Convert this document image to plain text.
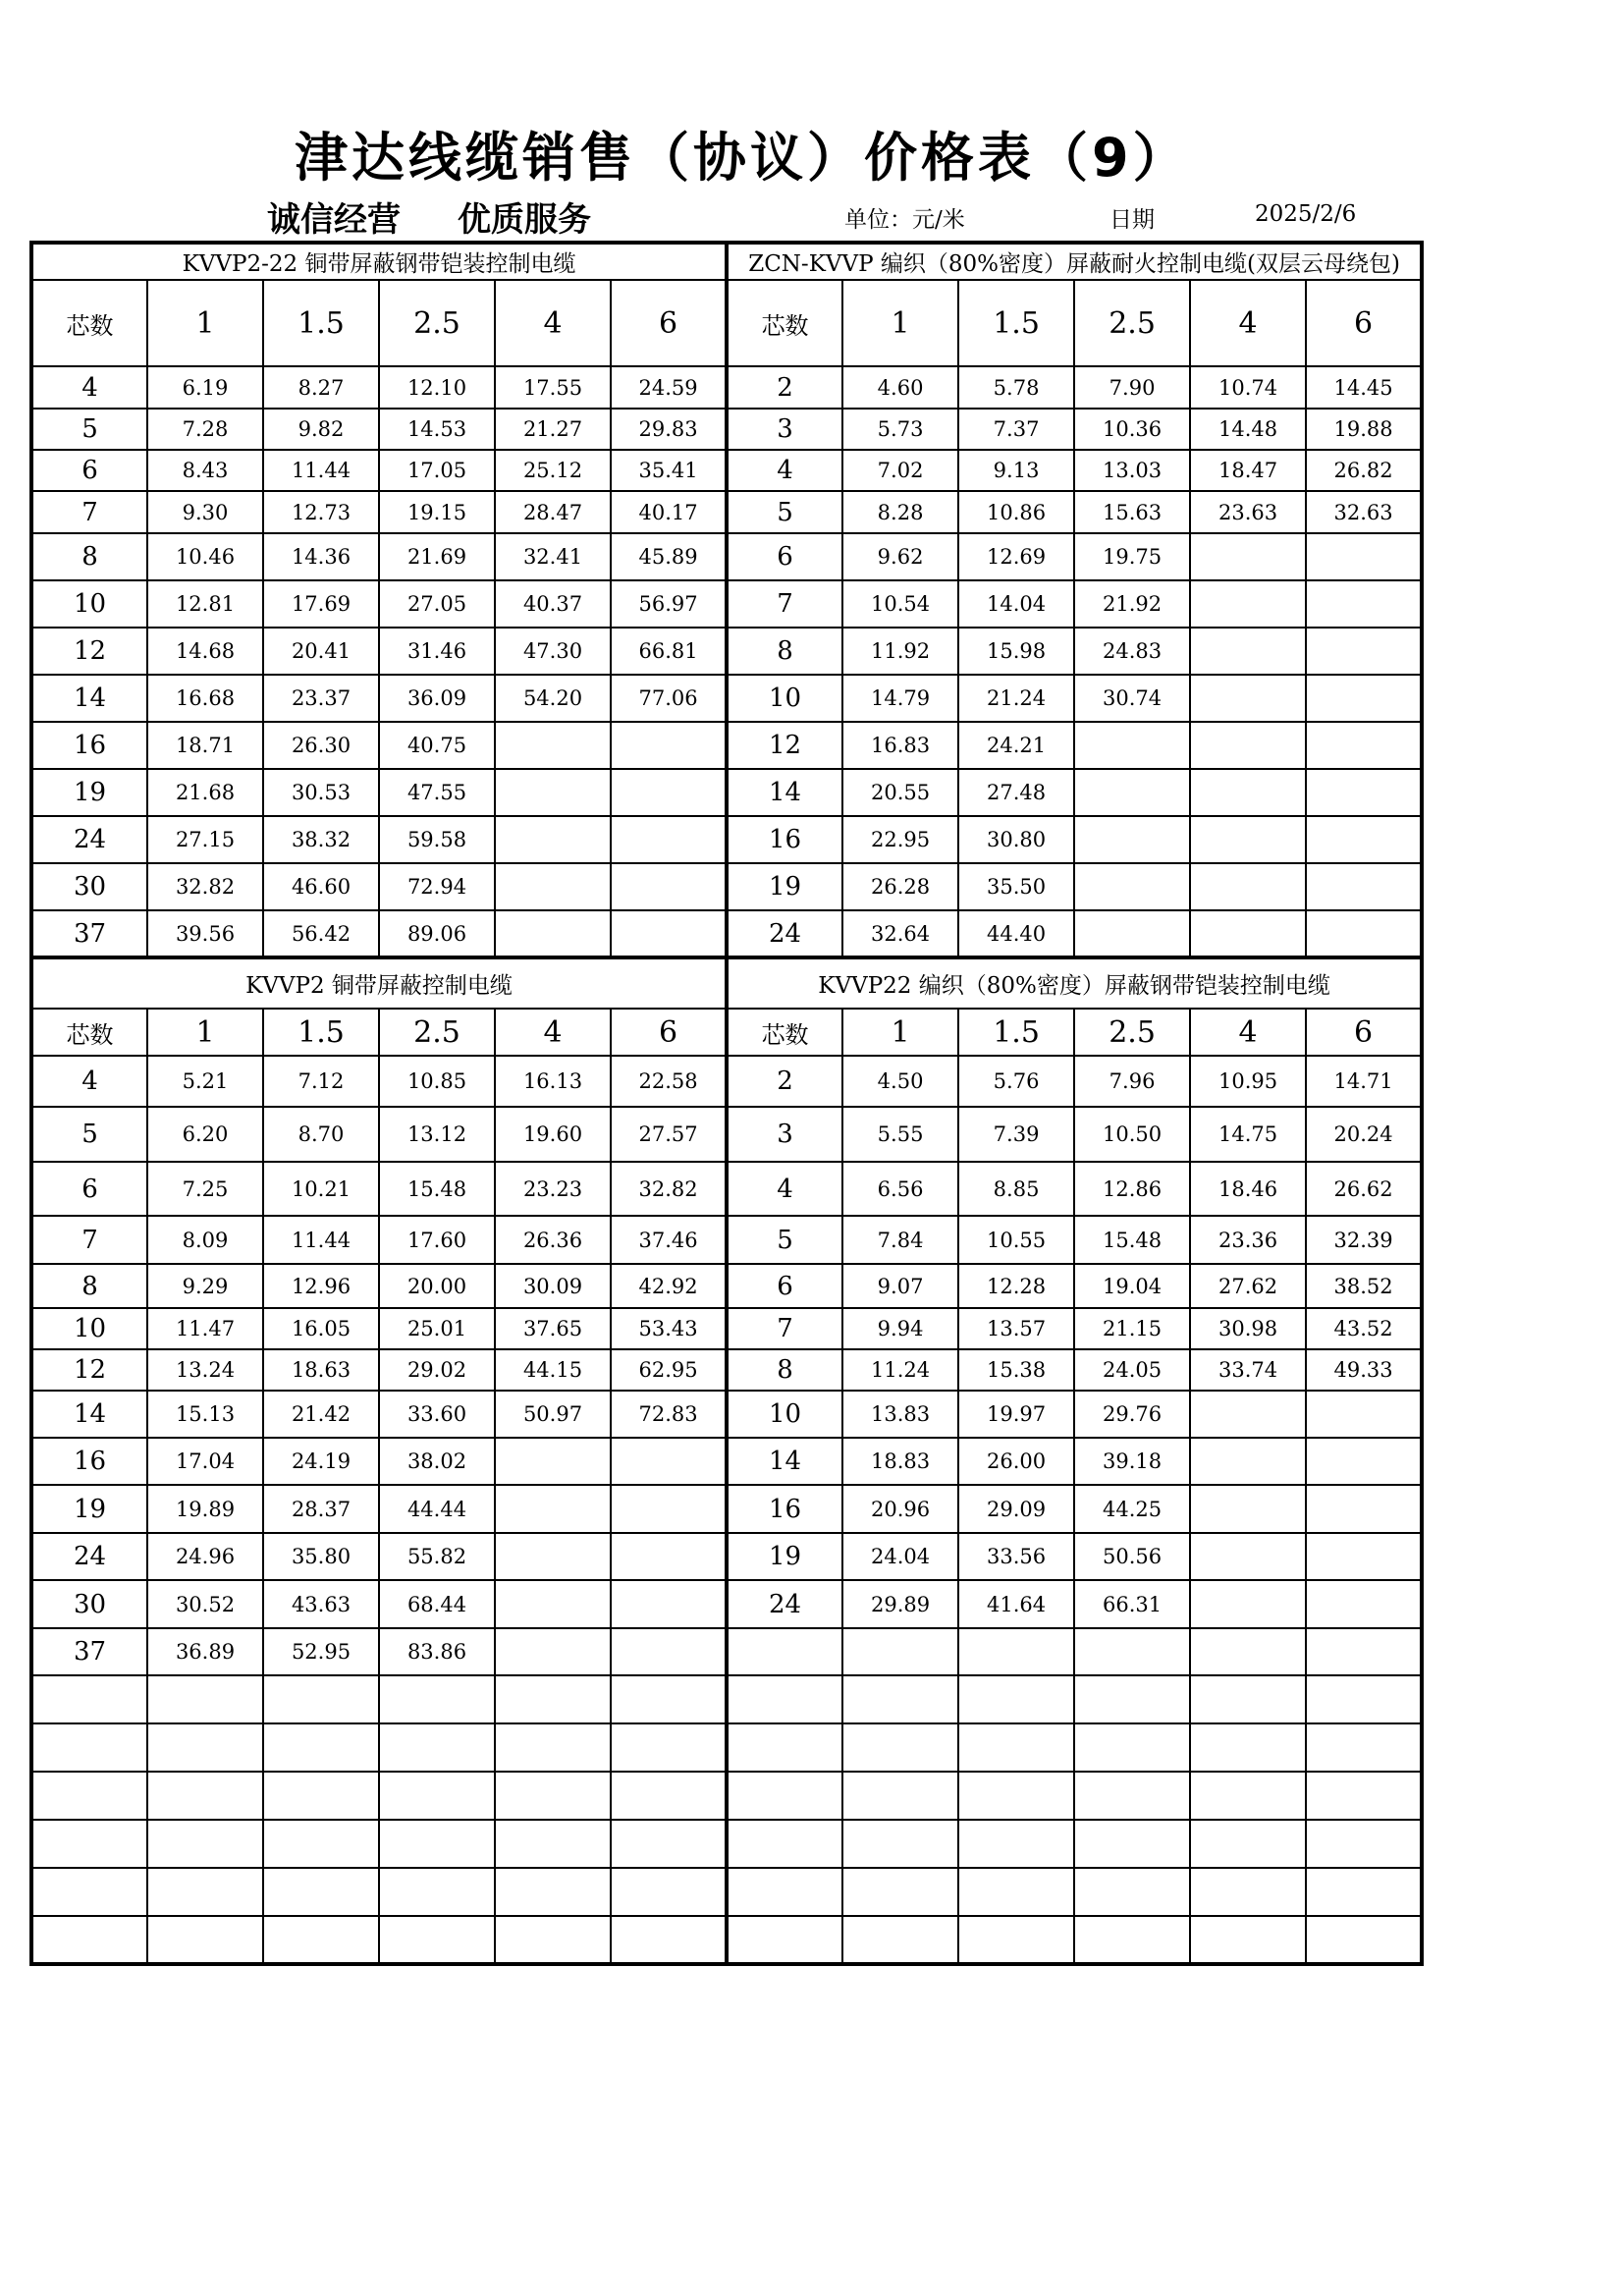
津达线缆销售（协议）价格表（9）
诚信经营 优质服务	单位：元/米	日期	2025/2/6
KVVP2-22 铜带屏蔽钢带铠装控制电缆						ZCN-KVVP 编织（80%密度）屏蔽耐火控制电缆(双层云母绕包)					
芯数	1	1.5	2.5	4	6	芯数	1	1.5	2.5	4	6
4	6.19	8.27	12.10	17.55	24.59	2	4.60	5.78	7.90	10.74	14.45
5	7.28	9.82	14.53	21.27	29.83	3	5.73	7.37	10.36	14.48	19.88
6	8.43	11.44	17.05	25.12	35.41	4	7.02	9.13	13.03	18.47	26.82
7	9.30	12.73	19.15	28.47	40.17	5	8.28	10.86	15.63	23.63	32.63
8	10.46	14.36	21.69	32.41	45.89	6	9.62	12.69	19.75		
10	12.81	17.69	27.05	40.37	56.97	7	10.54	14.04	21.92		
12	14.68	20.41	31.46	47.30	66.81	8	11.92	15.98	24.83		
14	16.68	23.37	36.09	54.20	77.06	10	14.79	21.24	30.74		
16	18.71	26.30	40.75			12	16.83	24.21			
19	21.68	30.53	47.55			14	20.55	27.48			
24	27.15	38.32	59.58			16	22.95	30.80			
30	32.82	46.60	72.94			19	26.28	35.50			
37	39.56	56.42	89.06			24	32.64	44.40			
KVVP2 铜带屏蔽控制电缆						KVVP22 编织（80%密度）屏蔽钢带铠装控制电缆					
芯数	1	1.5	2.5	4	6	芯数	1	1.5	2.5	4	6
4	5.21	7.12	10.85	16.13	22.58	2	4.50	5.76	7.96	10.95	14.71
5	6.20	8.70	13.12	19.60	27.57	3	5.55	7.39	10.50	14.75	20.24
6	7.25	10.21	15.48	23.23	32.82	4	6.56	8.85	12.86	18.46	26.62
7	8.09	11.44	17.60	26.36	37.46	5	7.84	10.55	15.48	23.36	32.39
8	9.29	12.96	20.00	30.09	42.92	6	9.07	12.28	19.04	27.62	38.52
10	11.47	16.05	25.01	37.65	53.43	7	9.94	13.57	21.15	30.98	43.52
12	13.24	18.63	29.02	44.15	62.95	8	11.24	15.38	24.05	33.74	49.33
14	15.13	21.42	33.60	50.97	72.83	10	13.83	19.97	29.76		
16	17.04	24.19	38.02			14	18.83	26.00	39.18		
19	19.89	28.37	44.44			16	20.96	29.09	44.25		
24	24.96	35.80	55.82			19	24.04	33.56	50.56		
30	30.52	43.63	68.44			24	29.89	41.64	66.31		
37	36.89	52.95	83.86								
